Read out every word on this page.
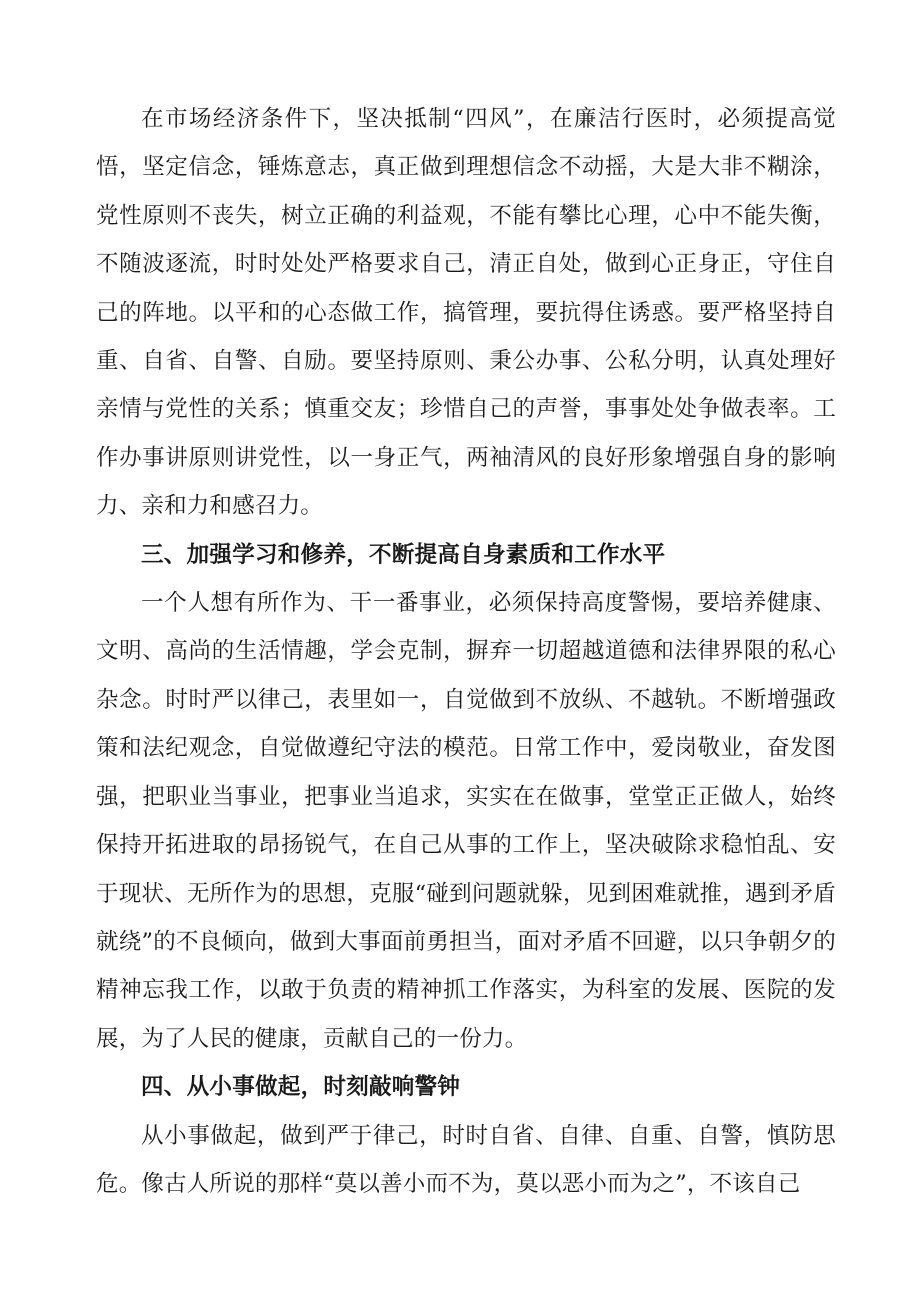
在市场经济条件下，坚决抵制“四风”，在廉洁行医时，必须提高觉悟，坚定信念，锤炼意志，真正做到理想信念不动摇，大是大非不糊涂，党性原则不丧失，树立正确的利益观，不能有攀比心理，心中不能失衡，不随波逐流，时时处处严格要求自己，清正自处，做到心正身正，守住自己的阵地。以平和的心态做工作，搞管理，要抗得住诱惑。要严格坚持自重、自省、自警、自励。要坚持原则、秉公办事、公私分明，认真处理好亲情与党性的关系；慎重交友；珍惜自己的声誉，事事处处争做表率。工作办事讲原则讲党性，以一身正气，两袖清风的良好形象增强自身的影响力、亲和力和感召力。

三、加强学习和修养，不断提高自身素质和工作水平

一个人想有所作为、干一番事业，必须保持高度警惕，要培养健康、文明、高尚的生活情趣，学会克制，摒弃一切超越道德和法律界限的私心杂念。时时严以律己，表里如一，自觉做到不放纵、不越轨。不断增强政策和法纪观念，自觉做遵纪守法的模范。日常工作中，爱岗敬业，奋发图强，把职业当事业，把事业当追求，实实在在做事，堂堂正正做人，始终保持开拓进取的昂扬锐气，在自己从事的工作上，坚决破除求稳怕乱、安于现状、无所作为的思想，克服“碰到问题就躲，见到困难就推，遇到矛盾就绕”的不良倾向，做到大事面前勇担当，面对矛盾不回避，以只争朝夕的精神忘我工作，以敢于负责的精神抓工作落实，为科室的发展、医院的发展，为了人民的健康，贡献自己的一份力。

四、从小事做起，时刻敲响警钟

从小事做起，做到严于律己，时时自省、自律、自重、自警，慎防思危。像古人所说的那样“莫以善小而不为，莫以恶小而为之”，不该自己
